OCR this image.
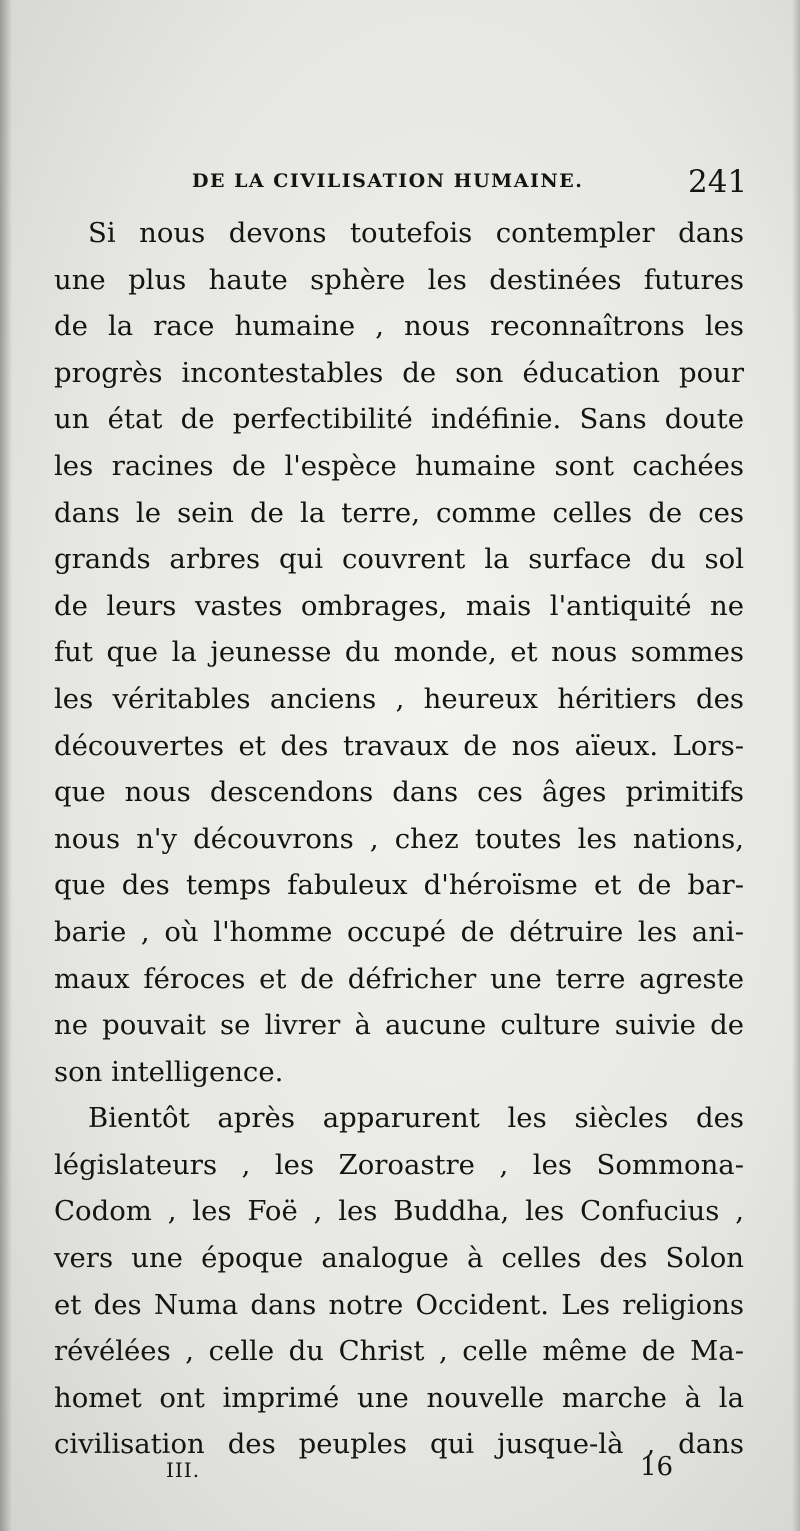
DE LA CIVILISATION HUMAINE.	241
Si nous devons toutefois contempler dans
une plus haute sphère les destinées futures
de la race humaine , nous reconnaîtrons les
progrès incontestables de son éducation pour
un état de perfectibilité indéfinie. Sans doute
les racines de l'espèce humaine sont cachées
dans le sein de la terre, comme celles de ces
grands arbres qui couvrent la surface du sol
de leurs vastes ombrages, mais l'antiquité ne
fut que la jeunesse du monde, et nous sommes
les véritables anciens , heureux héritiers des
découvertes et des travaux de nos aïeux. Lors-
que nous descendons dans ces âges primitifs
nous n'y découvrons , chez toutes les nations,
que des temps fabuleux d'héroïsme et de bar-
barie , où l'homme occupé de détruire les ani-
maux féroces et de défricher une terre agreste
ne pouvait se livrer à aucune culture suivie de
son intelligence.
Bientôt après apparurent les siècles des
législateurs , les Zoroastre , les Sommona-
Codom , les Foë , les Buddha, les Confucius ,
vers une époque analogue à celles des Solon
et des Numa dans notre Occident. Les religions
révélées , celle du Christ , celle même de Ma-
homet ont imprimé une nouvelle marche à la
civilisation des peuples qui jusque-là , dans
III.	16
